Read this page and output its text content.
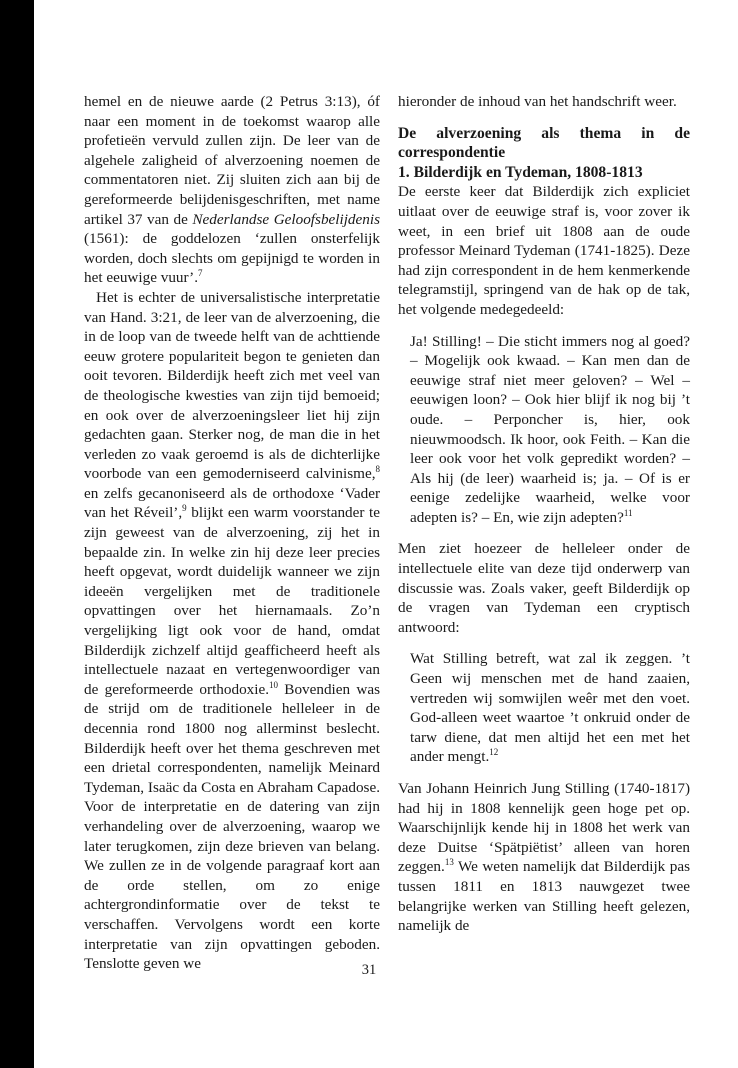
hemel en de nieuwe aarde (2 Petrus 3:13), óf naar een moment in de toekomst waarop alle profetieën vervuld zullen zijn. De leer van de algehele zaligheid of alverzoening noemen de commentatoren niet. Zij sluiten zich aan bij de gereformeerde belijdenisgeschriften, met name artikel 37 van de Nederlandse Geloofsbelijdenis (1561): de goddelozen ‘zullen onsterfelijk worden, doch slechts om gepijnigd te worden in het eeuwige vuur’.$^7$

Het is echter de universalistische interpretatie van Hand. 3:21, de leer van de alverzoening, die in de loop van de tweede helft van de achttiende eeuw grotere populariteit begon te genieten dan ooit tevoren. Bilderdijk heeft zich met veel van de theologische kwesties van zijn tijd bemoeid; en ook over de alverzoeningsleer liet hij zijn gedachten gaan. Sterker nog, de man die in het verleden zo vaak geroemd is als de dichterlijke voorbode van een gemoderniseerd calvinisme,$^8$ en zelfs gecanoniseerd als de orthodoxe ‘Vader van het Réveil’,$^9$ blijkt een warm voorstander te zijn geweest van de alverzoening, zij het in bepaalde zin. In welke zin hij deze leer precies heeft opgevat, wordt duidelijk wanneer we zijn ideeën vergelijken met de traditionele opvattingen over het hiernamaals. Zo’n vergelijking ligt ook voor de hand, omdat Bilderdijk zichzelf altijd geafficheerd heeft als intellectuele nazaat en vertegenwoordiger van de gereformeerde orthodoxie.$^{10}$ Bovendien was de strijd om de traditionele helleleer in de decennia rond 1800 nog allerminst beslecht. Bilderdijk heeft over het thema geschreven met een drietal correspondenten, namelijk Meinard Tydeman, Isaäc da Costa en Abraham Capadose. Voor de interpretatie en de datering van zijn verhandeling over de alverzoening, waarop we later terugkomen, zijn deze brieven van belang. We zullen ze in de volgende paragraaf kort aan de orde stellen, om zo enige achtergrondinformatie over de tekst te verschaffen. Vervolgens wordt een korte interpretatie van zijn opvattingen geboden. Tenslotte geven we

hieronder de inhoud van het handschrift weer.

De alverzoening als thema in de correspondentie

1. Bilderdijk en Tydeman, 1808-1813

De eerste keer dat Bilderdijk zich expliciet uitlaat over de eeuwige straf is, voor zover ik weet, in een brief uit 1808 aan de oude professor Meinard Tydeman (1741-1825). Deze had zijn correspondent in de hem kenmerkende telegramstijl, springend van de hak op de tak, het volgende medegedeeld:

Ja! Stilling! – Die sticht immers nog al goed? – Mogelijk ook kwaad. – Kan men dan de eeuwige straf niet meer geloven? – Wel – eeuwigen loon? – Ook hier blijf ik nog bij ’t oude. – Perponcher is, hier, ook nieuwmoodsch. Ik hoor, ook Feith. – Kan die leer ook voor het volk gepredikt worden? – Als hij (de leer) waarheid is; ja. – Of is er eenige zedelijke waarheid, welke voor adepten is? – En, wie zijn adepten?$^{11}$

Men ziet hoezeer de helleleer onder de intellectuele elite van deze tijd onderwerp van discussie was. Zoals vaker, geeft Bilderdijk op de vragen van Tydeman een cryptisch antwoord:

Wat Stilling betreft, wat zal ik zeggen. ’t Geen wij menschen met de hand zaaien, vertreden wij somwijlen weêr met den voet. God-alleen weet waartoe ’t onkruid onder de tarw diene, dat men altijd het een met het ander mengt.$^{12}$

Van Johann Heinrich Jung Stilling (1740-1817) had hij in 1808 kennelijk geen hoge pet op. Waarschijnlijk kende hij in 1808 het werk van deze Duitse ‘Spätpiëtist’ alleen van horen zeggen.$^{13}$ We weten namelijk dat Bilderdijk pas tussen 1811 en 1813 nauwgezet twee belangrijke werken van Stilling heeft gelezen, namelijk de

31
